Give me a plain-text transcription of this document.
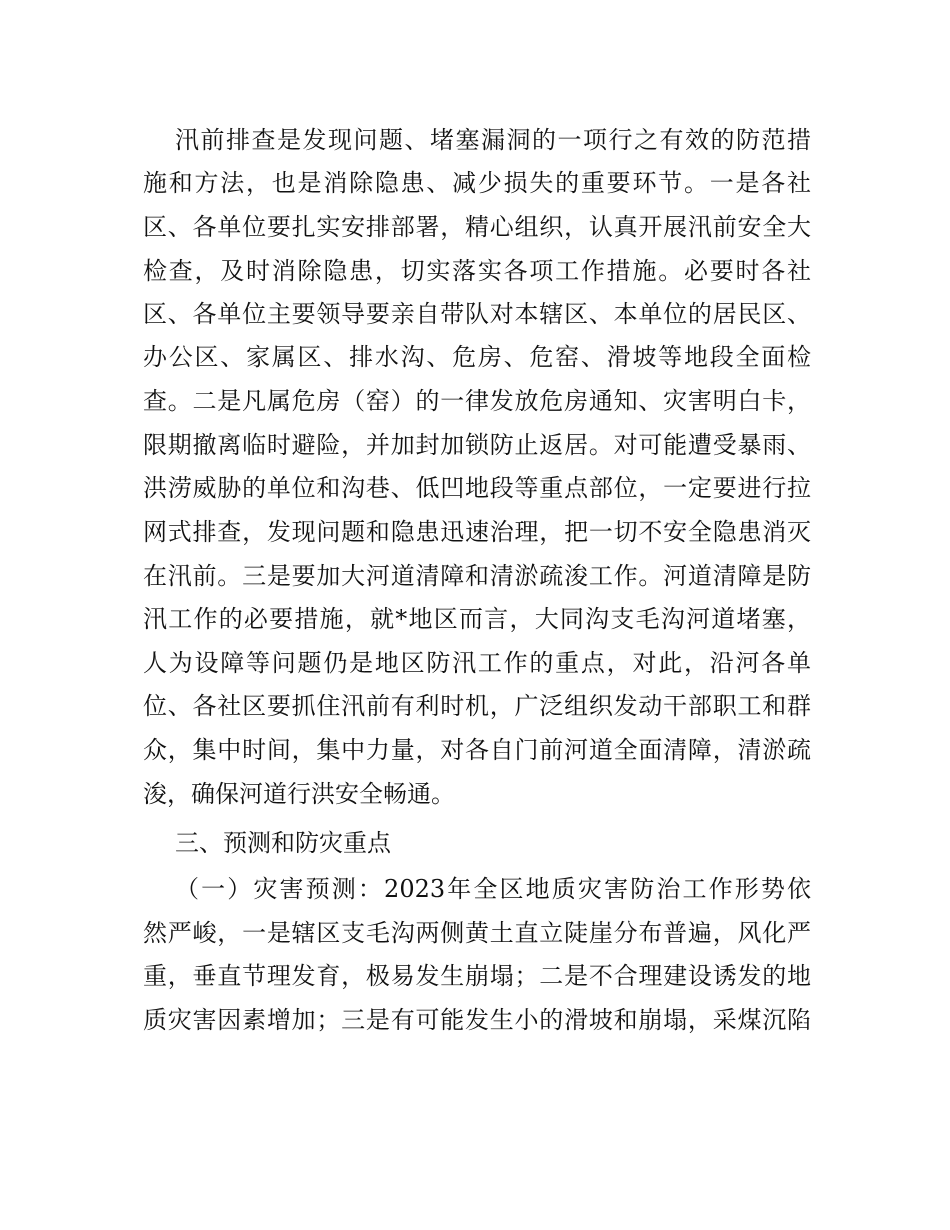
汛前排查是发现问题、堵塞漏洞的一项行之有效的防范措
施和方法，也是消除隐患、减少损失的重要环节。一是各社
区、各单位要扎实安排部署，精心组织，认真开展汛前安全大
检查，及时消除隐患，切实落实各项工作措施。必要时各社
区、各单位主要领导要亲自带队对本辖区、本单位的居民区、
办公区、家属区、排水沟、危房、危窑、滑坡等地段全面检
查。二是凡属危房（窑）的一律发放危房通知、灾害明白卡，
限期撤离临时避险，并加封加锁防止返居。对可能遭受暴雨、
洪涝威胁的单位和沟巷、低凹地段等重点部位，一定要进行拉
网式排查，发现问题和隐患迅速治理，把一切不安全隐患消灭
在汛前。三是要加大河道清障和清淤疏浚工作。河道清障是防
汛工作的必要措施，就*地区而言，大同沟支毛沟河道堵塞，
人为设障等问题仍是地区防汛工作的重点，对此，沿河各单
位、各社区要抓住汛前有利时机，广泛组织发动干部职工和群
众，集中时间，集中力量，对各自门前河道全面清障，清淤疏
浚，确保河道行洪安全畅通。
三、预测和防灾重点
（一）灾害预测：2023年全区地质灾害防治工作形势依
然严峻，一是辖区支毛沟两侧黄土直立陡崖分布普遍，风化严
重，垂直节理发育，极易发生崩塌；二是不合理建设诱发的地
质灾害因素增加；三是有可能发生小的滑坡和崩塌，采煤沉陷
